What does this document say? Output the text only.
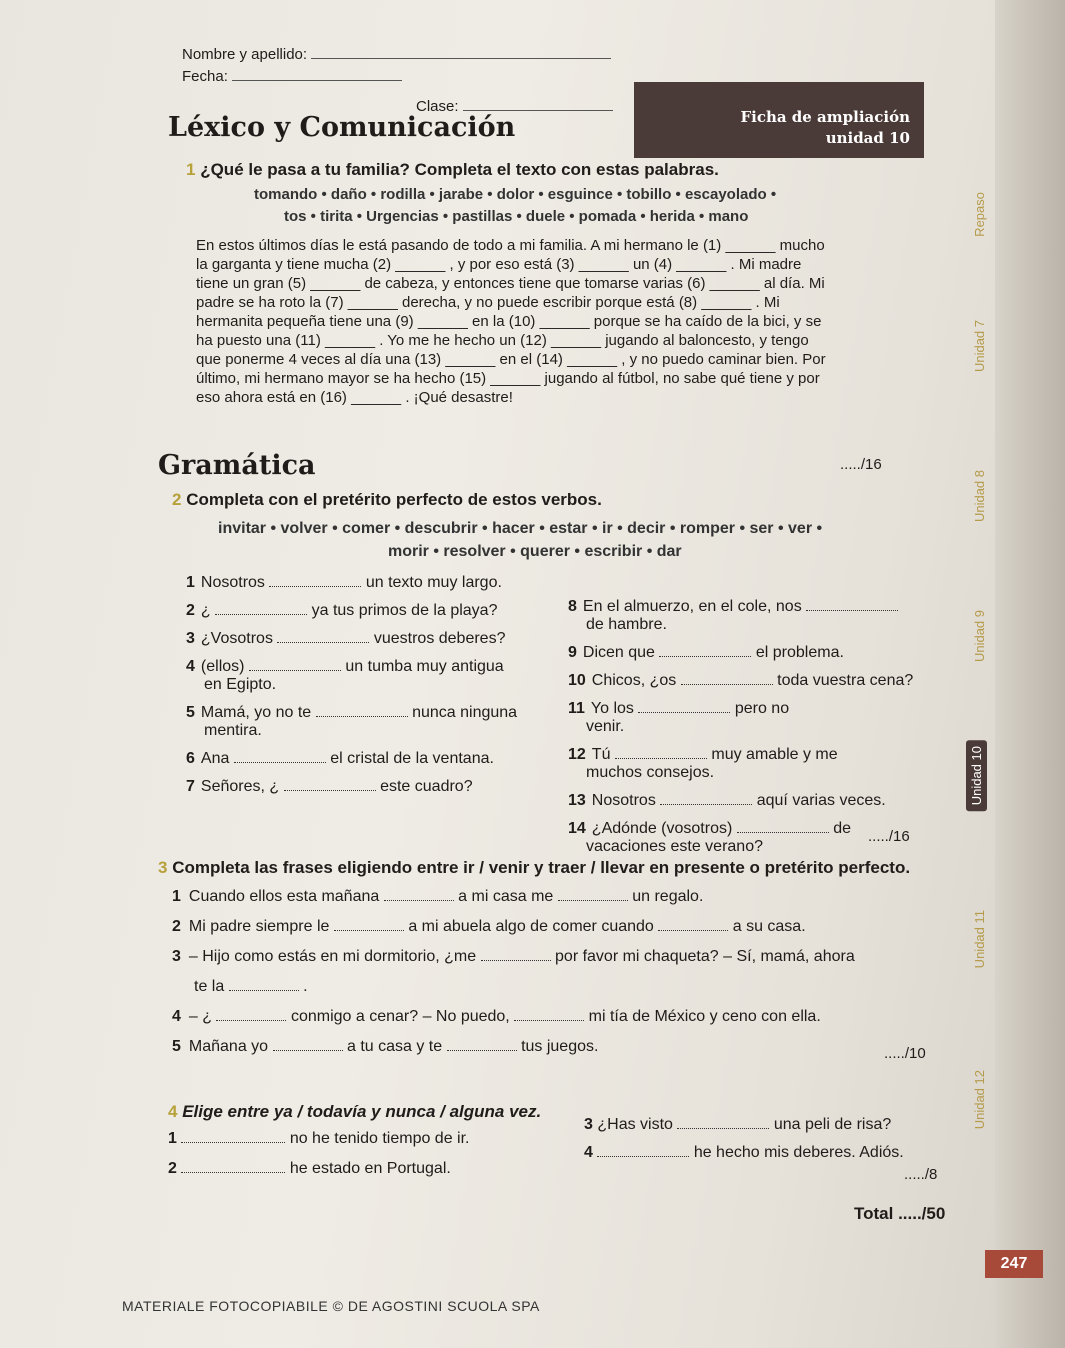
Nombre y apellido:
Fecha:
Clase:
Ficha de ampliación
unidad 10
Léxico y Comunicación
1 ¿Qué le pasa a tu familia? Completa el texto con estas palabras.
tomando • daño • rodilla • jarabe • dolor • esguince • tobillo • escayolado •
tos • tirita • Urgencias • pastillas • duele • pomada • herida • mano
En estos últimos días le está pasando de todo a mi familia. A mi hermano le (1) ______ mucho
la garganta y tiene mucha (2) ______ , y por eso está (3) ______ un (4) ______ . Mi madre
tiene un gran (5) ______ de cabeza, y entonces tiene que tomarse varias (6) ______ al día. Mi
padre se ha roto la (7) ______ derecha, y no puede escribir porque está (8) ______ . Mi
hermanita pequeña tiene una (9) ______ en la (10) ______ porque se ha caído de la bici, y se
ha puesto una (11) ______ . Yo me he hecho un (12) ______ jugando al baloncesto, y tengo
que ponerme 4 veces al día una (13) ______ en el (14) ______ , y no puedo caminar bien. Por
último, mi hermano mayor se ha hecho (15) ______ jugando al fútbol, no sabe qué tiene y por
eso ahora está en (16) ______ . ¡Qué desastre!
...../16
Gramática
2 Completa con el pretérito perfecto de estos verbos.
invitar • volver • comer • descubrir • hacer • estar • ir • decir • romper • ser • ver •
morir • resolver • querer • escribir • dar
1 Nosotros	un texto muy largo.
2 ¿	ya tus primos de la playa?
3 ¿Vosotros	vuestros deberes?
4 (ellos)	un tumba muy antigua
en Egipto.
5 Mamá, yo no te	nunca ninguna
mentira.
6 Ana	el cristal de la ventana.
7 Señores, ¿	este cuadro?
8 En el almuerzo, en el cole, nos
de hambre.
9 Dicen que	el problema.
10 Chicos, ¿os	toda vuestra cena?
11 Yo los	pero no
venir.
12 Tú	muy amable y me
muchos consejos.
13 Nosotros	aquí varias veces.
14 ¿Adónde (vosotros)	de
vacaciones este verano?
...../16
3 Completa las frases eligiendo entre ir / venir y traer / llevar en presente o pretérito perfecto.
1 Cuando ellos esta mañana	a mi casa me	un regalo.
2 Mi padre siempre le	a mi abuela algo de comer cuando	a su casa.
3 – Hijo como estás en mi dormitorio, ¿me	por favor mi chaqueta? – Sí, mamá, ahora
te la	.
4 – ¿	conmigo a cenar? – No puedo,	mi tía de México y ceno con ella.
5 Mañana yo	a tu casa y te	tus juegos.	...../10
4 Elige entre ya / todavía y nunca / alguna vez.
1	no he tenido tiempo de ir.
2	he estado en Portugal.
3 ¿Has visto	una peli de risa?
4	he hecho mis deberes. Adiós.
...../8
Total ...../50
Repaso
Unidad 7
Unidad 8
Unidad 9
Unidad 10
Unidad 11
Unidad 12
247
MATERIALE FOTOCOPIABILE © DE AGOSTINI SCUOLA SPA
